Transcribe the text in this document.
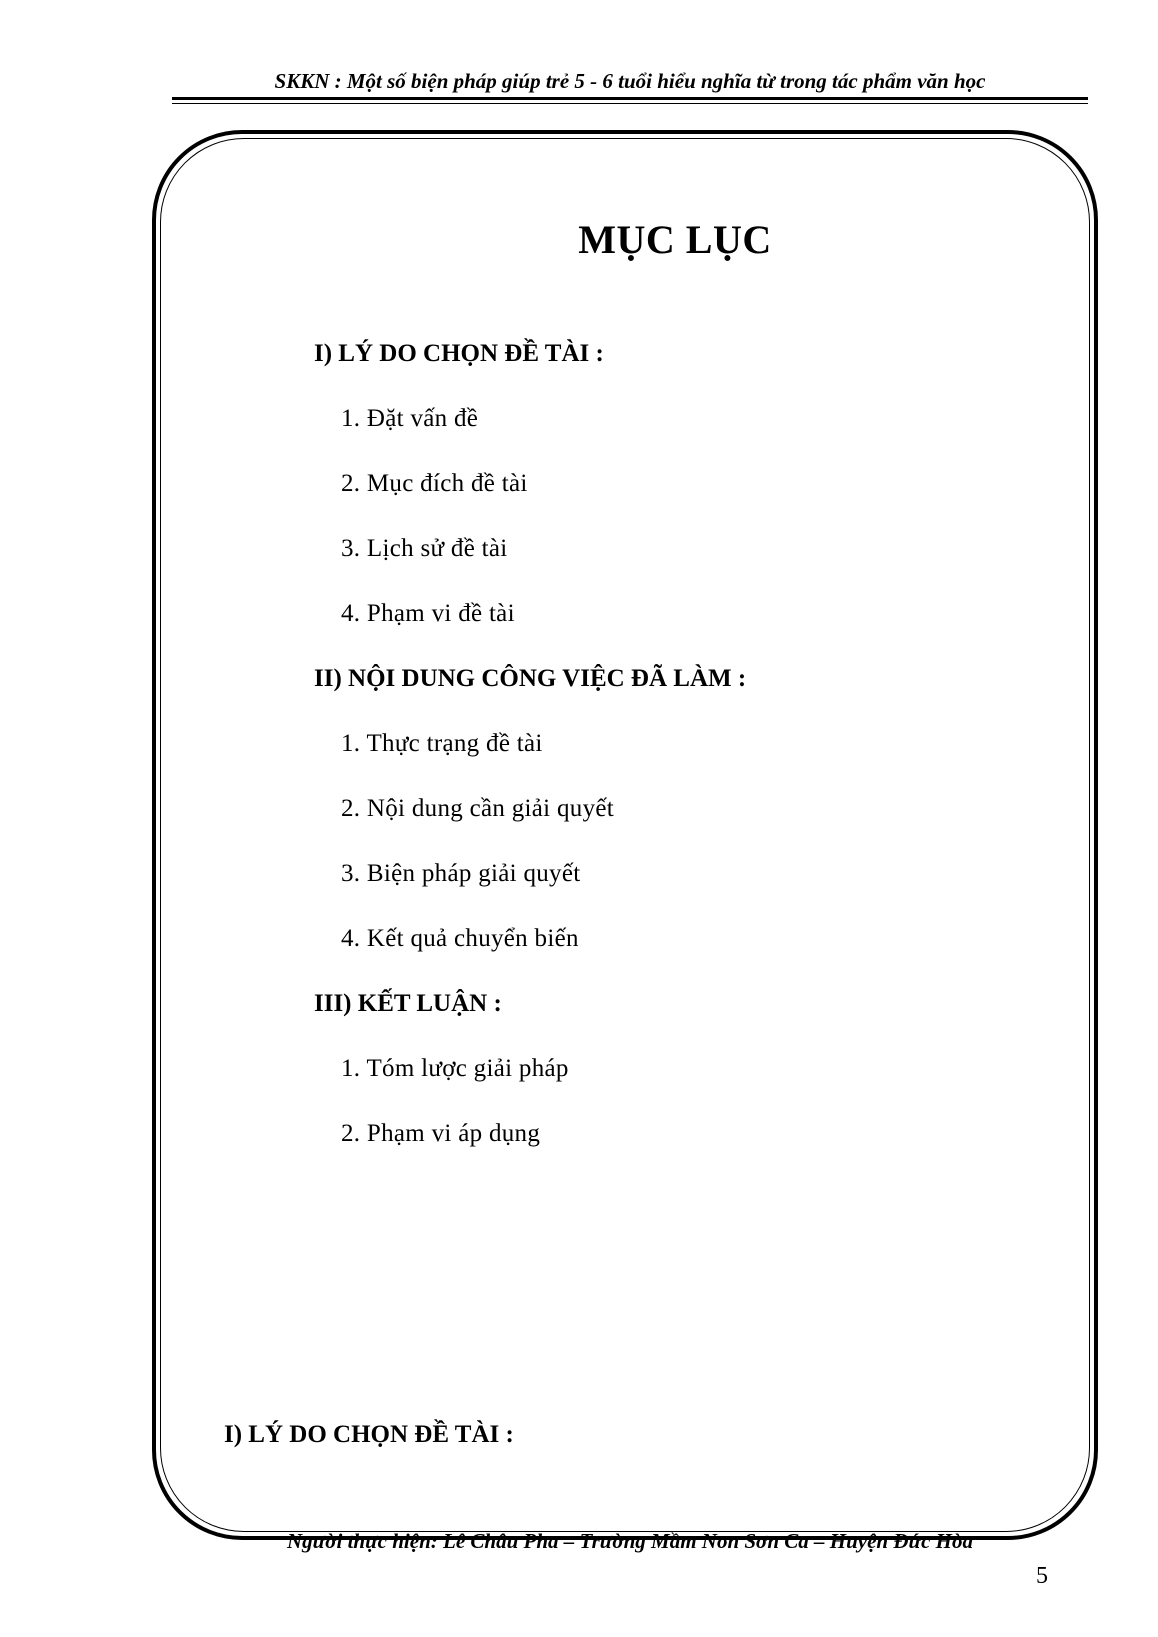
SKKN : Một số biện pháp giúp trẻ 5 - 6 tuổi hiểu nghĩa từ trong tác phẩm văn học
MỤC LỤC
I) LÝ DO CHỌN ĐỀ TÀI :
1. Đặt vấn đề
2. Mục đích đề tài
3. Lịch sử đề tài
4. Phạm vi đề tài
II) NỘI DUNG CÔNG VIỆC ĐÃ LÀM :
1. Thực trạng đề tài
2. Nội dung cần giải quyết
3. Biện pháp giải quyết
4. Kết quả chuyển biến
III) KẾT LUẬN :
1. Tóm lược giải pháp
2. Phạm vi áp dụng
I) LÝ DO CHỌN ĐỀ TÀI :
Người thực hiện: Lê Châu Pha – Trường Mầm Non Sơn Ca – Huyện Đức Hòa
5
